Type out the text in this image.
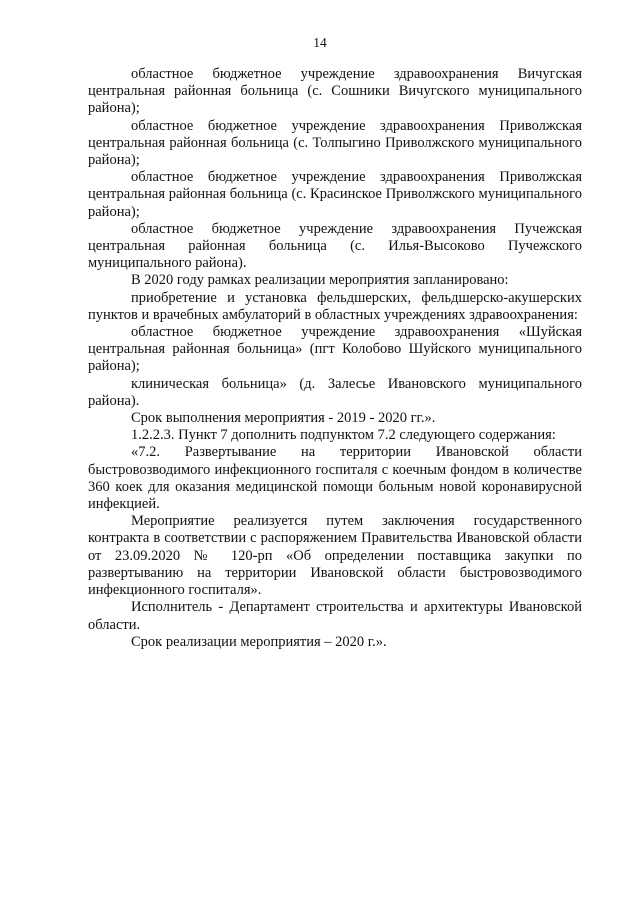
14

областное бюджетное учреждение здравоохранения Вичугская центральная районная больница (с. Сошники Вичугского муниципального района);

областное бюджетное учреждение здравоохранения Приволжская центральная районная больница (с. Толпыгино Приволжского муниципального района);

областное бюджетное учреждение здравоохранения Приволжская центральная районная больница (с. Красинское Приволжского муниципального района);

областное бюджетное учреждение здравоохранения Пучежская центральная районная больница (с. Илья-Высоково Пучежского муниципального района).

В 2020 году рамках реализации мероприятия запланировано:

приобретение и установка фельдшерских, фельдшерско-акушерских пунктов и врачебных амбулаторий в областных учреждениях здравоохранения:

областное бюджетное учреждение здравоохранения «Шуйская центральная районная больница» (пгт Колобово Шуйского муниципального района);

клиническая больница» (д. Залесье Ивановского муниципального района).

Срок выполнения мероприятия - 2019 - 2020 гг.».

1.2.2.3. Пункт 7 дополнить подпунктом 7.2 следующего содержания:

«7.2. Развертывание на территории Ивановской области быстровозводимого инфекционного госпиталя с коечным фондом в количестве 360 коек для оказания медицинской помощи больным новой коронавирусной инфекцией.

Мероприятие реализуется путем заключения государственного контракта в соответствии с распоряжением Правительства Ивановской области от 23.09.2020 № 120-рп «Об определении поставщика закупки по развертыванию на территории Ивановской области быстровозводимого инфекционного госпиталя».

Исполнитель - Департамент строительства и архитектуры Ивановской области.

Срок реализации мероприятия – 2020 г.».
